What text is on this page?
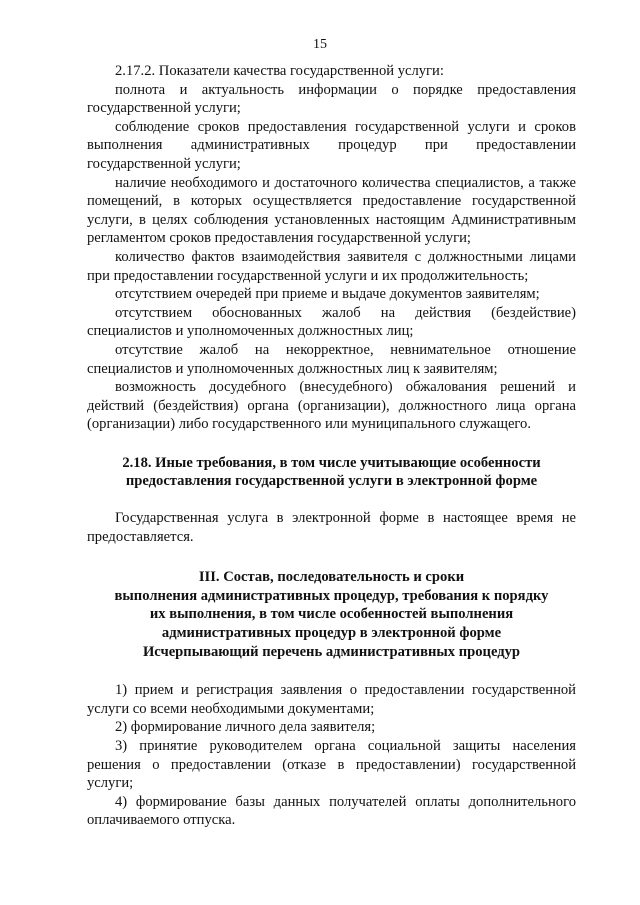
15

2.17.2. Показатели качества государственной услуги:

полнота и актуальность информации о порядке предоставления государственной услуги;

соблюдение сроков предоставления государственной услуги и сроков выполнения административных процедур при предоставлении государственной услуги;

наличие необходимого и достаточного количества специалистов, а также помещений, в которых осуществляется предоставление государственной услуги, в целях соблюдения установленных настоящим Административным регламентом сроков предоставления государственной услуги;

количество фактов взаимодействия заявителя с должностными лицами при предоставлении государственной услуги и их продолжительность;

отсутствием очередей при приеме и выдаче документов заявителям;

отсутствием обоснованных жалоб на действия (бездействие) специалистов и уполномоченных должностных лиц;

отсутствие жалоб на некорректное, невнимательное отношение специалистов и уполномоченных должностных лиц к заявителям;

возможность досудебного (внесудебного) обжалования решений и действий (бездействия) органа (организации), должностного лица органа (организации) либо государственного или муниципального служащего.

2.18. Иные требования, в том числе учитывающие особенности предоставления государственной услуги в электронной форме

Государственная услуга в электронной форме в настоящее время не предоставляется.

III. Состав, последовательность и сроки

выполнения административных процедур, требования к порядку

их выполнения, в том числе особенностей выполнения

административных процедур в электронной форме

Исчерпывающий перечень административных процедур

1) прием и регистрация заявления о предоставлении государственной услуги со всеми необходимыми документами;

2) формирование личного дела заявителя;

3) принятие руководителем органа социальной защиты населения решения о предоставлении (отказе в предоставлении) государственной услуги;

4) формирование базы данных получателей оплаты дополнительного оплачиваемого отпуска.
